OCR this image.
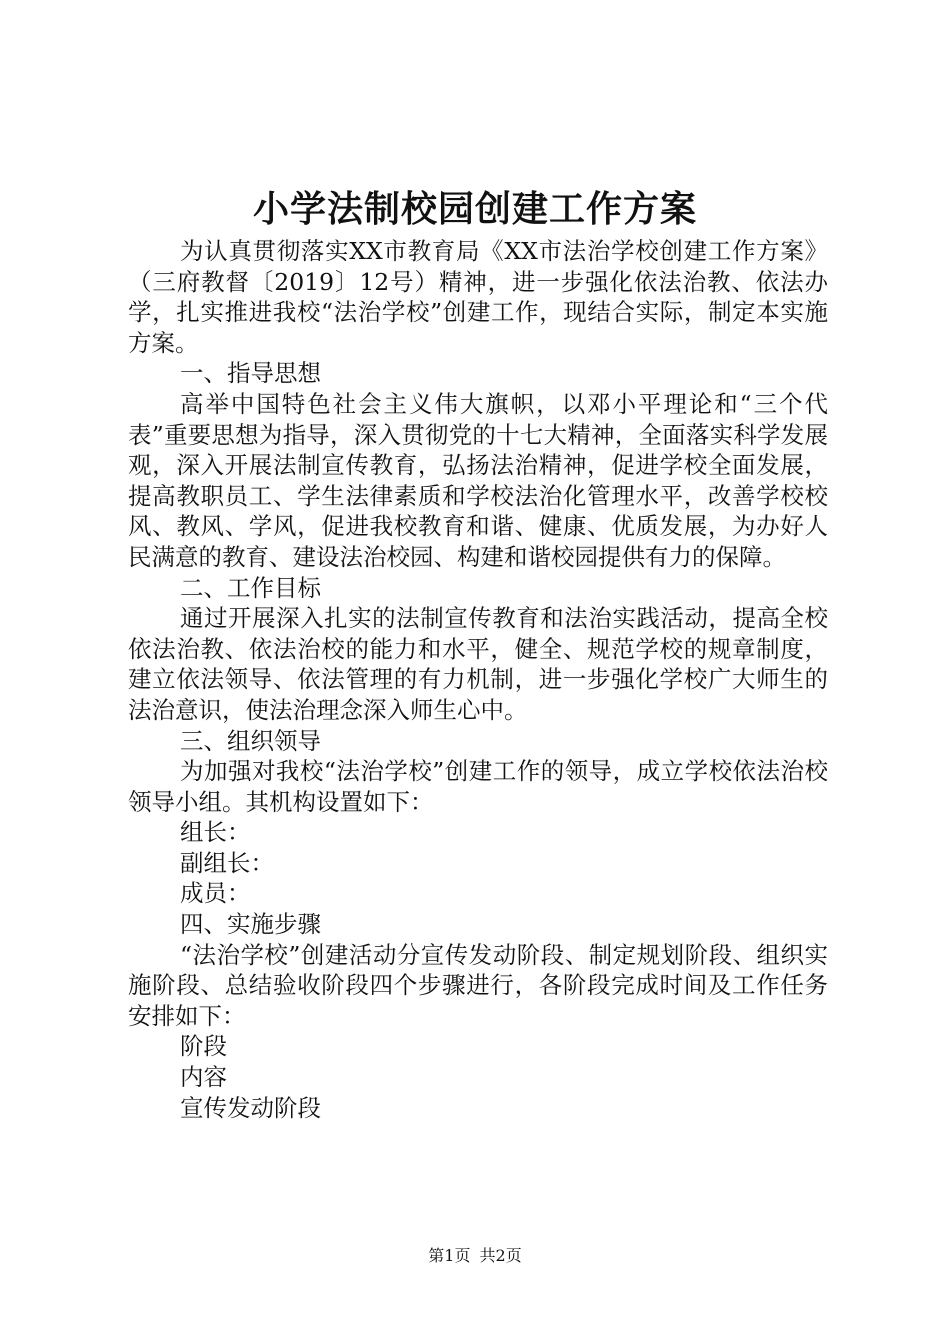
小学法制校园创建工作方案

为认真贯彻落实XX市教育局《XX市法治学校创建工作方案》（三府教督〔2019〕12号）精神，进一步强化依法治教、依法办学，扎实推进我校“法治学校”创建工作，现结合实际，制定本实施方案。

一、指导思想

高举中国特色社会主义伟大旗帜，以邓小平理论和“三个代表”重要思想为指导，深入贯彻党的十七大精神，全面落实科学发展观，深入开展法制宣传教育，弘扬法治精神，促进学校全面发展，提高教职员工、学生法律素质和学校法治化管理水平，改善学校校风、教风、学风，促进我校教育和谐、健康、优质发展，为办好人民满意的教育、建设法治校园、构建和谐校园提供有力的保障。

二、工作目标

通过开展深入扎实的法制宣传教育和法治实践活动，提高全校依法治教、依法治校的能力和水平，健全、规范学校的规章制度，建立依法领导、依法管理的有力机制，进一步强化学校广大师生的法治意识，使法治理念深入师生心中。

三、组织领导

为加强对我校“法治学校”创建工作的领导，成立学校依法治校领导小组。其机构设置如下：

组长：

副组长：

成员：

四、实施步骤

“法治学校”创建活动分宣传发动阶段、制定规划阶段、组织实施阶段、总结验收阶段四个步骤进行，各阶段完成时间及工作任务安排如下：

阶段

内容

宣传发动阶段

第1页 共2页
